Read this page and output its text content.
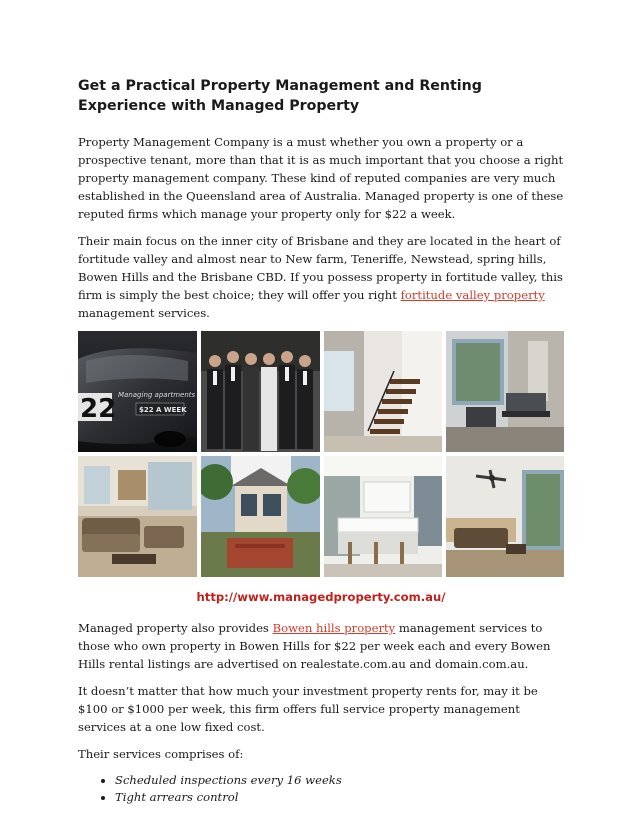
Get a Practical Property Management and Renting Experience with Managed Property

Property Management Company is a must whether you own a property or a prospective tenant, more than that it is as much important that you choose a right property management company. These kind of reputed companies are very much established in the Queensland area of Australia. Managed property is one of these reputed firms which manage your property only for $22 a week.

Their main focus on the inner city of Brisbane and they are located in the heart of fortitude valley and almost near to New farm, Teneriffe, Newstead, spring hills, Bowen Hills and the Brisbane CBD. If you possess property in fortitude valley, this firm is simply the best choice; they will offer you right fortitude valley property management services.

22 Managing apartments
$22 A WEEK
http://www.managedproperty.com.au/

Managed property also provides Bowen hills property management services to those who own property in Bowen Hills for $22 per week each and every Bowen Hills rental listings are advertised on realestate.com.au and domain.com.au.

It doesn’t matter that how much your investment property rents for, may it be $100 or $1000 per week, this firm offers full service property management services at a one low fixed cost.

Their services comprises of:

• Scheduled inspections every 16 weeks
• Tight arrears control
